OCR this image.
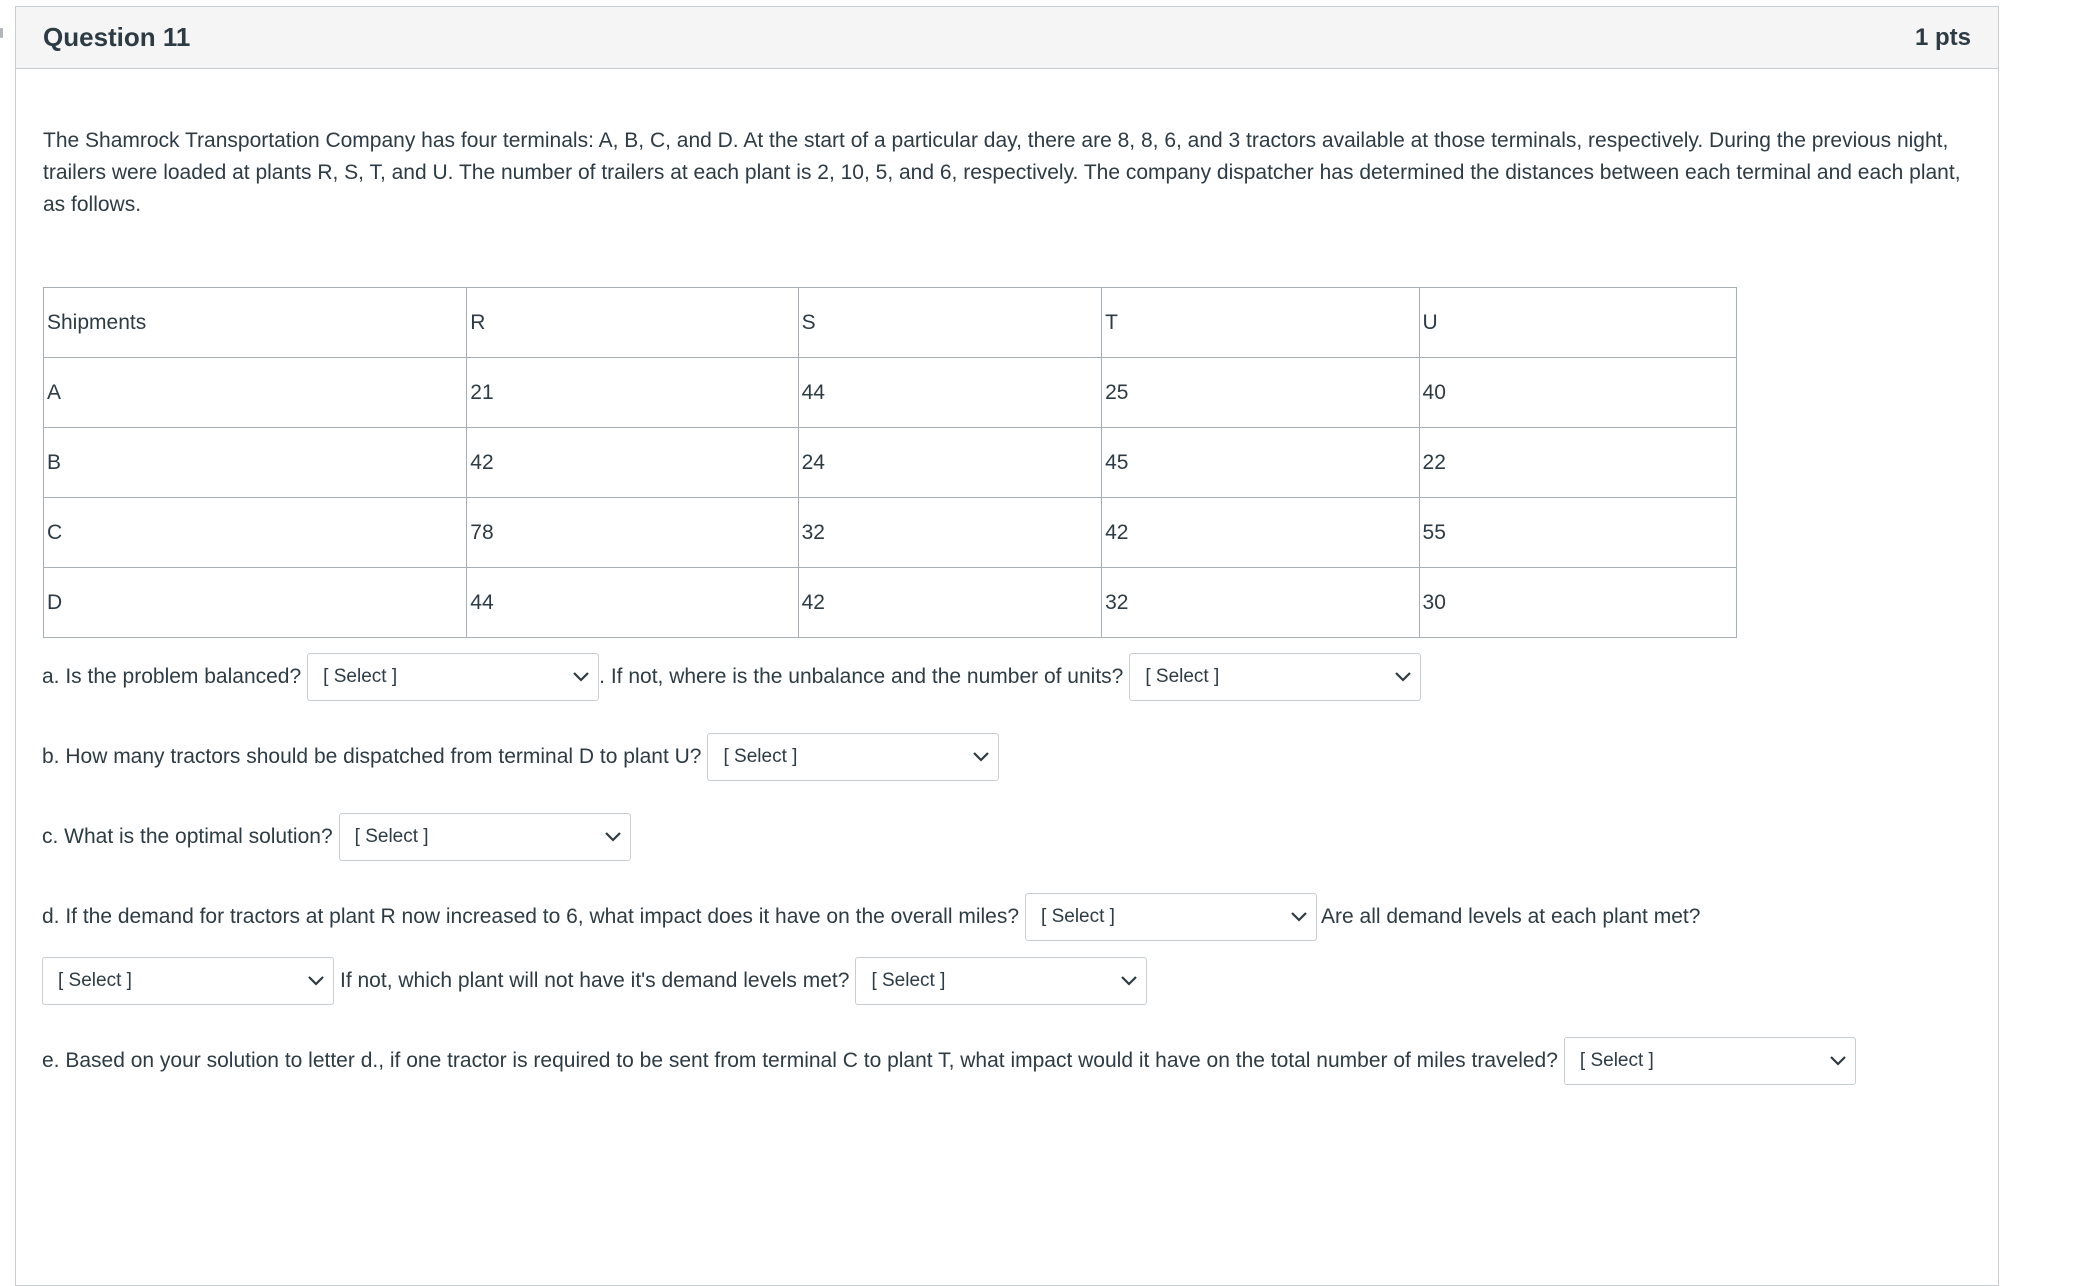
Question 11	1 pts

The Shamrock Transportation Company has four terminals: A, B, C, and D. At the start of a particular day, there are 8, 8, 6, and 3 tractors available at those terminals, respectively. During the previous night, trailers were loaded at plants R, S, T, and U. The number of trailers at each plant is 2, 10, 5, and 6, respectively. The company dispatcher has determined the distances between each terminal and each plant, as follows.

Shipments	R	S	T	U
A	21	44	25	40
B	42	24	45	22
C	78	32	42	55
D	44	42	32	30
a. Is the problem balanced? [ Select ]	. If not, where is the unbalance and the number of units? [ Select ]
b. How many tractors should be dispatched from terminal D to plant U? [ Select ]
c. What is the optimal solution? [ Select ]
d. If the demand for tractors at plant R now increased to 6, what impact does it have on the overall miles? [ Select ]	Are all demand levels at each plant met?
[ Select ]	If not, which plant will not have it's demand levels met? [ Select ]
e. Based on your solution to letter d., if one tractor is required to be sent from terminal C to plant T, what impact would it have on the total number of miles traveled? [ Select ]
